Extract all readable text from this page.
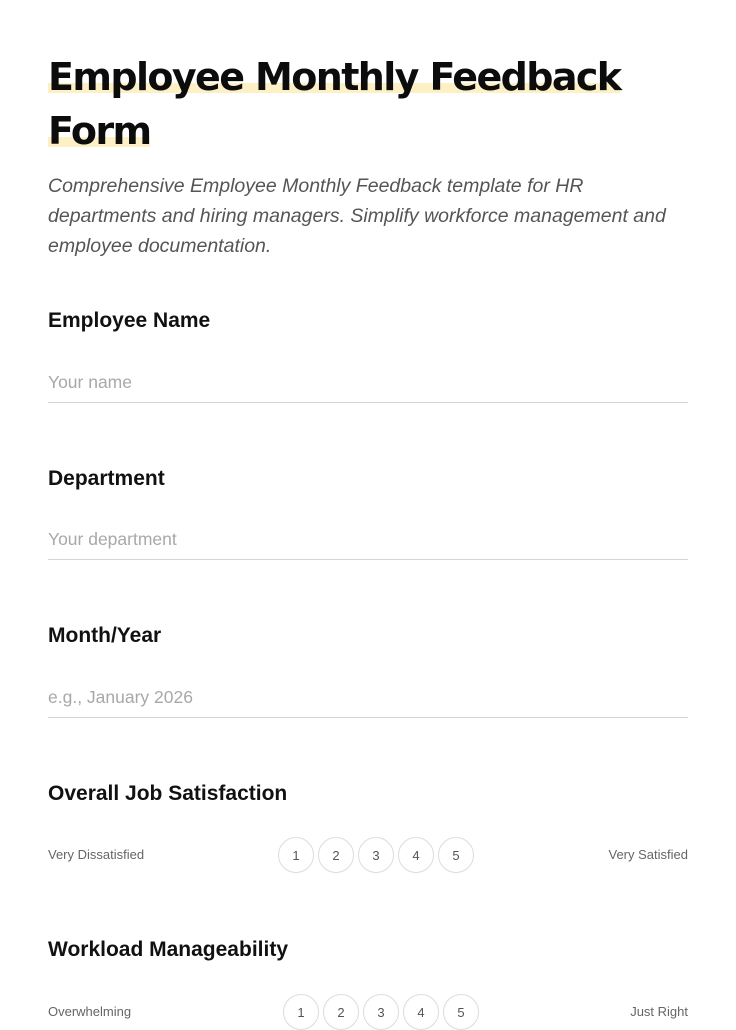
Employee Monthly Feedback Form

Comprehensive Employee Monthly Feedback template for HR departments and hiring managers. Simplify workforce management and employee documentation.

Employee Name
Your name
Department
Your department
Month/Year
e.g., January 2026
Overall Job Satisfaction
Very Dissatisfied	1	2	3	4	5	Very Satisfied
Workload Manageability
Overwhelming	1	2	3	4	5	Just Right
